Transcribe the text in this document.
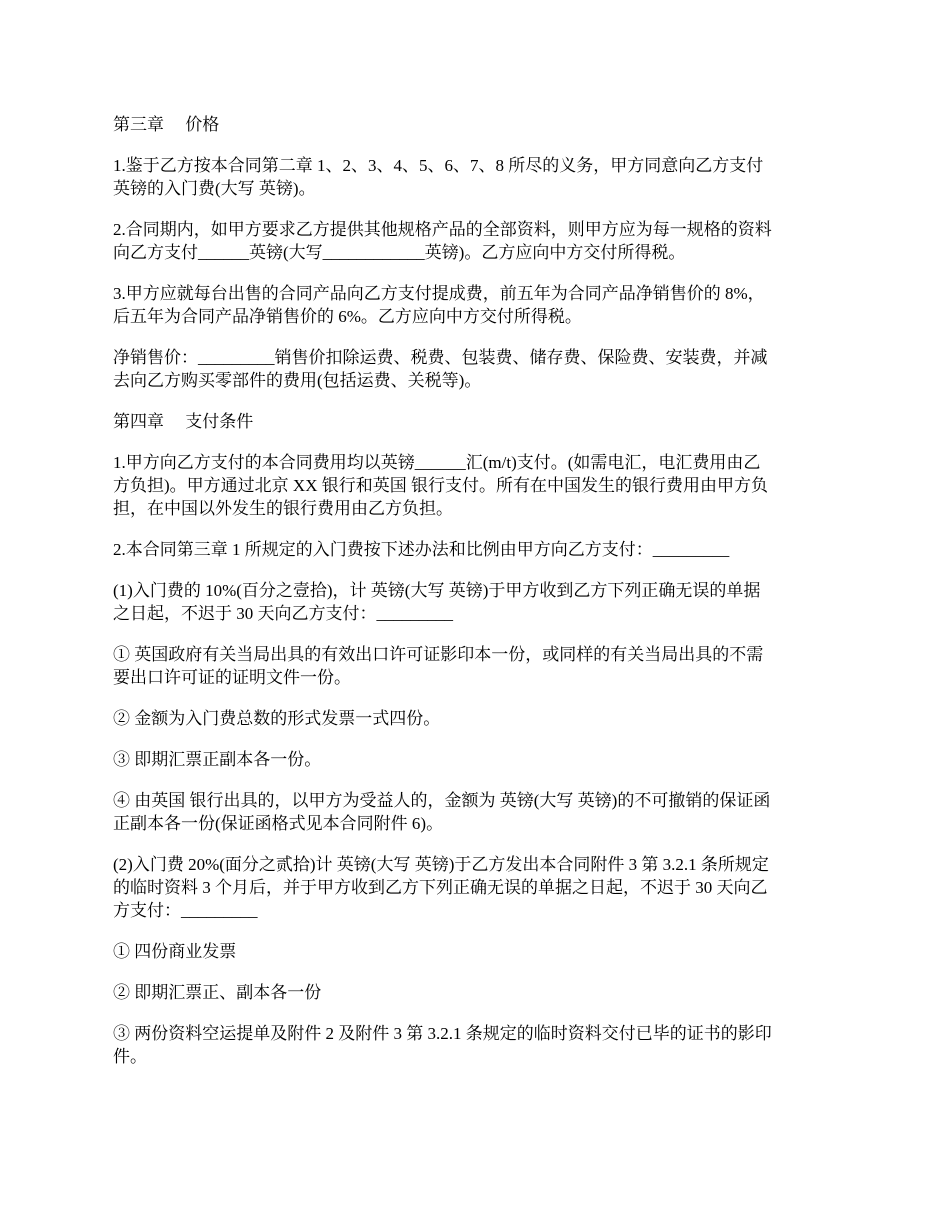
第三章　 价格

1.鉴于乙方按本合同第二章 1、2、3、4、5、6、7、8 所尽的义务，甲方同意向乙方支付
英镑的入门费(大写 英镑)。

2.合同期内，如甲方要求乙方提供其他规格产品的全部资料，则甲方应为每一规格的资料
向乙方支付______英镑(大写____________英镑)。乙方应向中方交付所得税。

3.甲方应就每台出售的合同产品向乙方支付提成费，前五年为合同产品净销售价的 8%，
后五年为合同产品净销售价的 6%。乙方应向中方交付所得税。

净销售价：_________销售价扣除运费、税费、包装费、储存费、保险费、安装费，并减
去向乙方购买零部件的费用(包括运费、关税等)。

第四章　 支付条件

1.甲方向乙方支付的本合同费用均以英镑______汇(m/t)支付。(如需电汇，电汇费用由乙
方负担)。甲方通过北京 XX 银行和英国 银行支付。所有在中国发生的银行费用由甲方负
担，在中国以外发生的银行费用由乙方负担。

2.本合同第三章 1 所规定的入门费按下述办法和比例由甲方向乙方支付：_________

(1)入门费的 10%(百分之壹拾)，计 英镑(大写 英镑)于甲方收到乙方下列正确无误的单据
之日起，不迟于 30 天向乙方支付：_________

① 英国政府有关当局出具的有效出口许可证影印本一份，或同样的有关当局出具的不需
要出口许可证的证明文件一份。

② 金额为入门费总数的形式发票一式四份。

③ 即期汇票正副本各一份。

④ 由英国 银行出具的，以甲方为受益人的，金额为 英镑(大写 英镑)的不可撤销的保证函
正副本各一份(保证函格式见本合同附件 6)。

(2)入门费 20%(面分之贰拾)计 英镑(大写 英镑)于乙方发出本合同附件 3 第 3.2.1 条所规定
的临时资料 3 个月后，并于甲方收到乙方下列正确无误的单据之日起，不迟于 30 天向乙
方支付：_________

① 四份商业发票

② 即期汇票正、副本各一份

③ 两份资料空运提单及附件 2 及附件 3 第 3.2.1 条规定的临时资料交付已毕的证书的影印
件。
